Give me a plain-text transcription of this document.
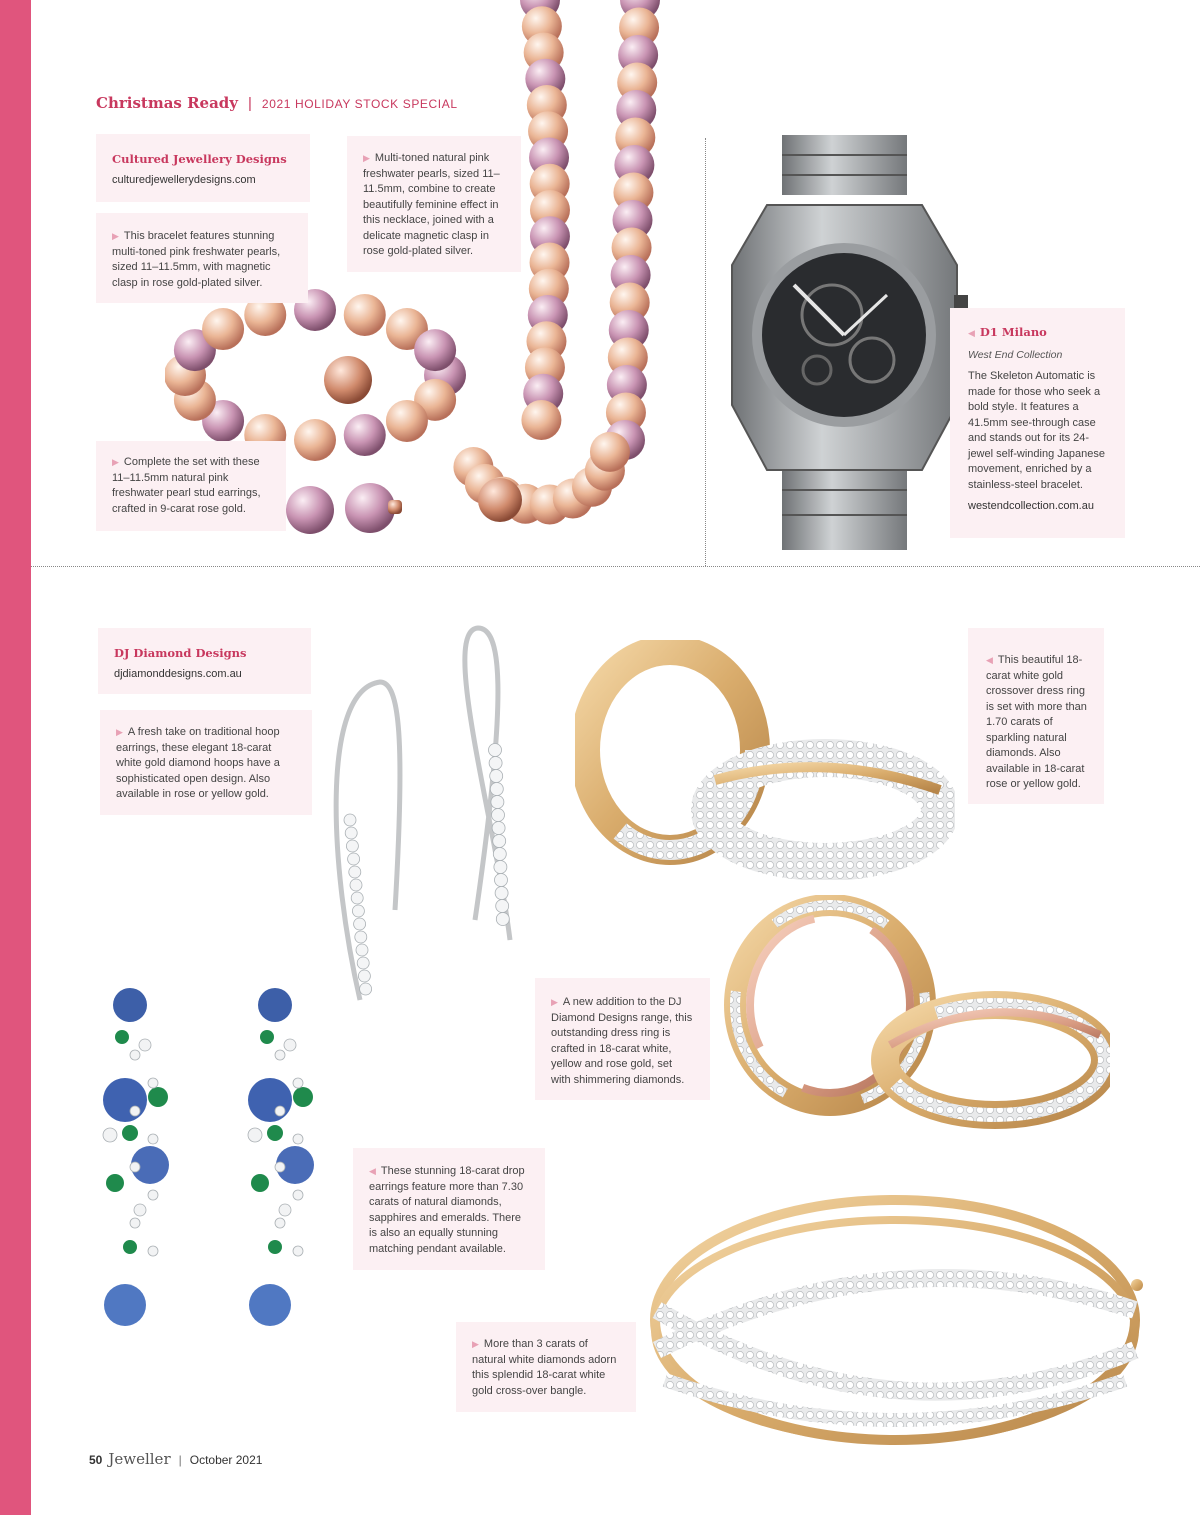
Christmas Ready | 2021 HOLIDAY STOCK SPECIAL
Cultured Jewellery Designs
culturedjewellerydesigns.com
▶ This bracelet features stunning multi-toned pink freshwater pearls, sized 11–11.5mm, with magnetic clasp in rose gold-plated silver.
▶ Multi-toned natural pink freshwater pearls, sized 11–11.5mm, combine to create beautifully feminine effect in this necklace, joined with a delicate magnetic clasp in rose gold-plated silver.
▶ Complete the set with these 11–11.5mm natural pink freshwater pearl stud earrings, crafted in 9-carat rose gold.
◀ D1 Milano
West End Collection
The Skeleton Automatic is made for those who seek a bold style. It features a 41.5mm see-through case and stands out for its 24-jewel self-winding Japanese movement, enriched by a stainless-steel bracelet.
westendcollection.com.au
DJ Diamond Designs
djdiamonddesigns.com.au
▶ A fresh take on traditional hoop earrings, these elegant 18-carat white gold diamond hoops have a sophisticated open design. Also available in rose or yellow gold.
◀ This beautiful 18-carat white gold crossover dress ring is set with more than 1.70 carats of sparkling natural diamonds. Also available in 18-carat rose or yellow gold.
▶ A new addition to the DJ Diamond Designs range, this outstanding dress ring is crafted in 18-carat white, yellow and rose gold, set with shimmering diamonds.
◀ These stunning 18-carat drop earrings feature more than 7.30 carats of natural diamonds, sapphires and emeralds. There is also an equally stunning matching pendant available.
▶ More than 3 carats of natural white diamonds adorn this splendid 18-carat white gold cross-over bangle.
50 Jeweller | October 2021
